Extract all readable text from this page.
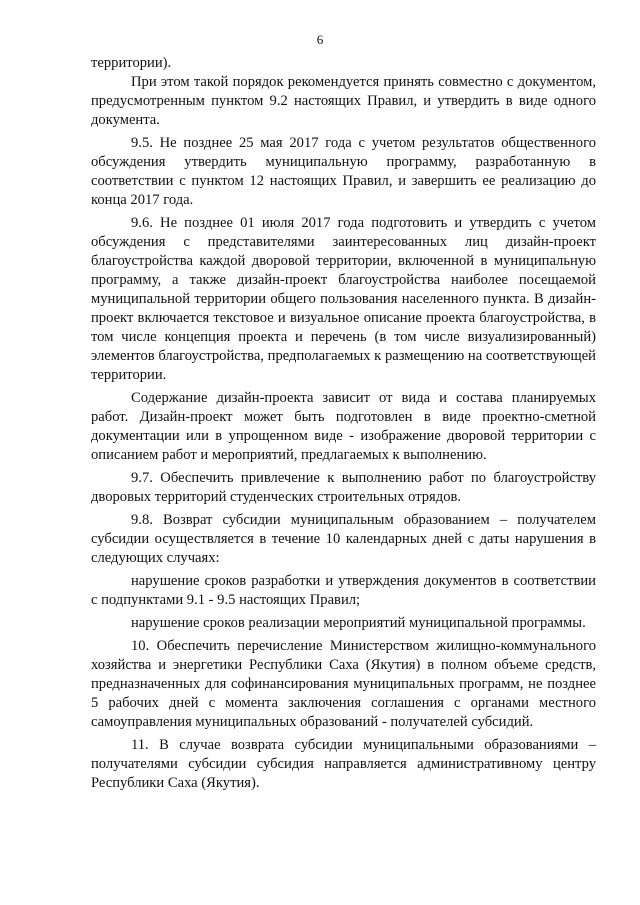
6

территории).

При этом такой порядок рекомендуется принять совместно с документом, предусмотренным пунктом 9.2 настоящих Правил, и утвердить в виде одного документа.

9.5. Не позднее 25 мая 2017 года с учетом результатов общественного обсуждения утвердить муниципальную программу, разработанную в соответствии с пунктом 12 настоящих Правил, и завершить ее реализацию до конца 2017 года.

9.6. Не позднее 01 июля 2017 года подготовить и утвердить с учетом обсуждения с представителями заинтересованных лиц дизайн-проект благоустройства каждой дворовой территории, включенной в муниципальную программу, а также дизайн-проект благоустройства наиболее посещаемой муниципальной территории общего пользования населенного пункта. В дизайн-проект включается текстовое и визуальное описание проекта благоустройства, в том числе концепция проекта и перечень (в том числе визуализированный) элементов благоустройства, предполагаемых к размещению на соответствующей территории.

Содержание дизайн-проекта зависит от вида и состава планируемых работ. Дизайн-проект может быть подготовлен в виде проектно-сметной документации или в упрощенном виде - изображение дворовой территории с описанием работ и мероприятий, предлагаемых к выполнению.

9.7. Обеспечить привлечение к выполнению работ по благоустройству дворовых территорий студенческих строительных отрядов.

9.8. Возврат субсидии муниципальным образованием – получателем субсидии осуществляется в течение 10 календарных дней с даты нарушения в следующих случаях:

нарушение сроков разработки и утверждения документов в соответствии с подпунктами 9.1 - 9.5 настоящих Правил;

нарушение сроков реализации мероприятий муниципальной программы.

10. Обеспечить перечисление Министерством жилищно-коммунального хозяйства и энергетики Республики Саха (Якутия) в полном объеме средств, предназначенных для софинансирования муниципальных программ, не позднее 5 рабочих дней с момента заключения соглашения с органами местного самоуправления муниципальных образований - получателей субсидий.

11. В случае возврата субсидии муниципальными образованиями – получателями субсидии субсидия направляется административному центру Республики Саха (Якутия).
